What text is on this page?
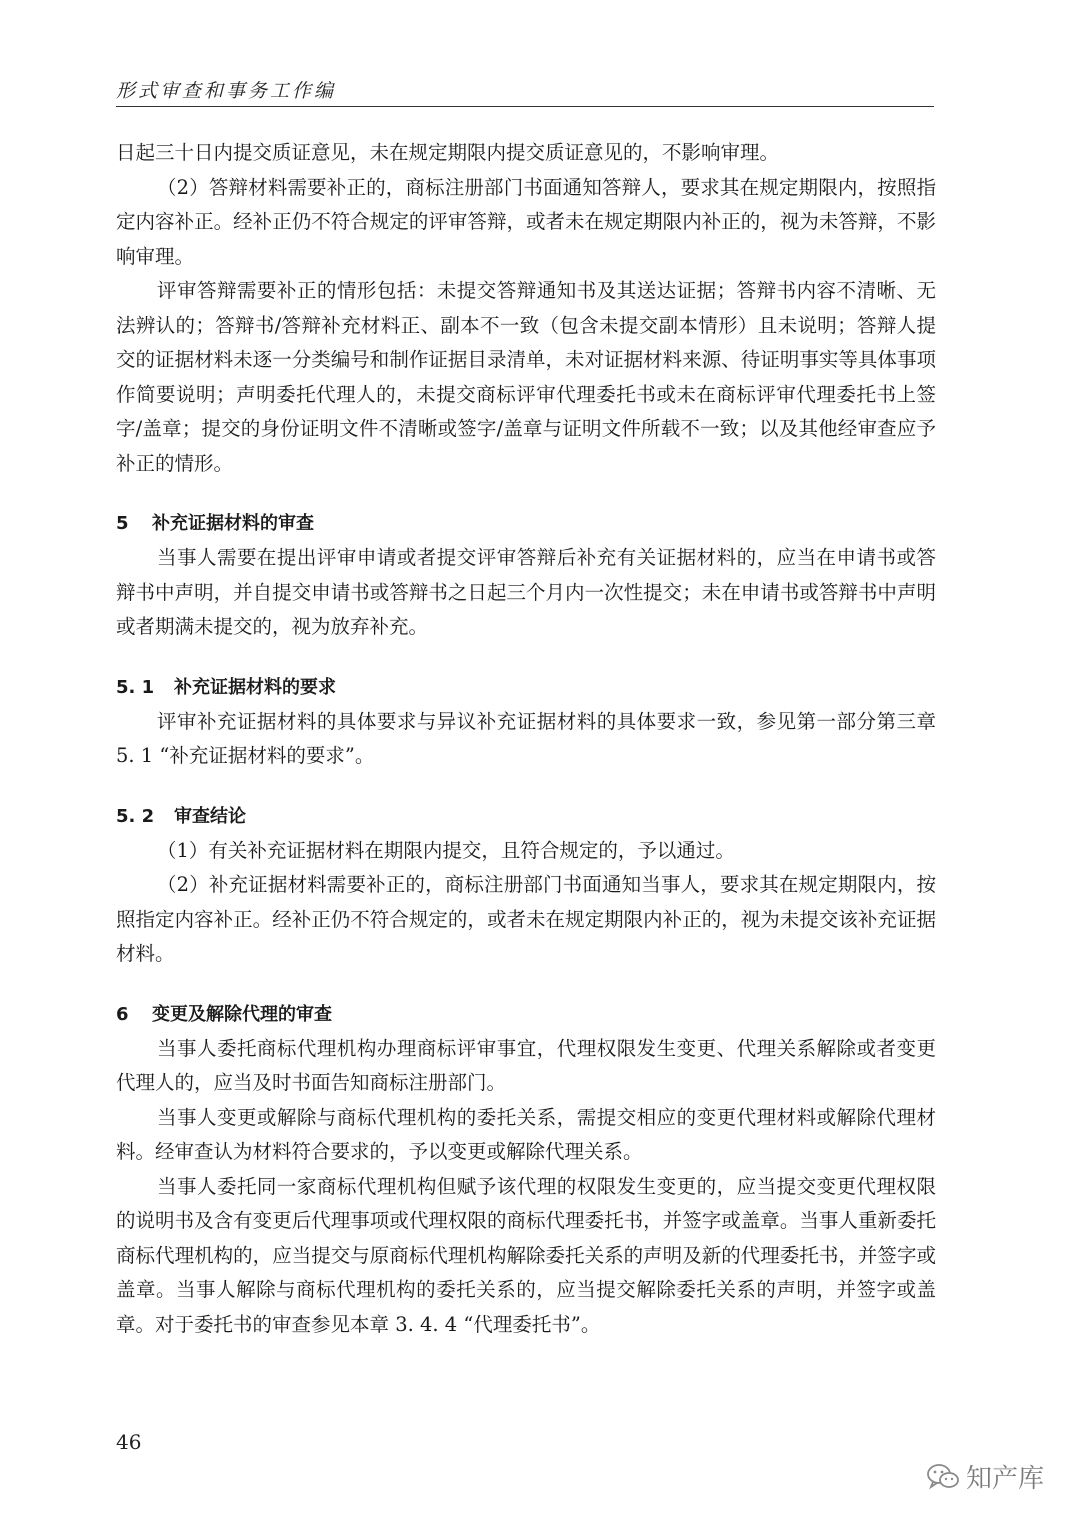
形式审查和事务工作编

日起三十日内提交质证意见，未在规定期限内提交质证意见的，不影响审理。

（2）答辩材料需要补正的，商标注册部门书面通知答辩人，要求其在规定期限内，按照指定内容补正。经补正仍不符合规定的评审答辩，或者未在规定期限内补正的，视为未答辩，不影响审理。

评审答辩需要补正的情形包括：未提交答辩通知书及其送达证据；答辩书内容不清晰、无法辨认的；答辩书/答辩补充材料正、副本不一致（包含未提交副本情形）且未说明；答辩人提交的证据材料未逐一分类编号和制作证据目录清单，未对证据材料来源、待证明事实等具体事项作简要说明；声明委托代理人的，未提交商标评审代理委托书或未在商标评审代理委托书上签字/盖章；提交的身份证明文件不清晰或签字/盖章与证明文件所载不一致；以及其他经审查应予补正的情形。

5 补充证据材料的审查

当事人需要在提出评审申请或者提交评审答辩后补充有关证据材料的，应当在申请书或答辩书中声明，并自提交申请书或答辩书之日起三个月内一次性提交；未在申请书或答辩书中声明或者期满未提交的，视为放弃补充。

5. 1 补充证据材料的要求

评审补充证据材料的具体要求与异议补充证据材料的具体要求一致，参见第一部分第三章 5. 1 “补充证据材料的要求”。

5. 2 审查结论

（1）有关补充证据材料在期限内提交，且符合规定的，予以通过。

（2）补充证据材料需要补正的，商标注册部门书面通知当事人，要求其在规定期限内，按照指定内容补正。经补正仍不符合规定的，或者未在规定期限内补正的，视为未提交该补充证据材料。

6 变更及解除代理的审查

当事人委托商标代理机构办理商标评审事宜，代理权限发生变更、代理关系解除或者变更代理人的，应当及时书面告知商标注册部门。

当事人变更或解除与商标代理机构的委托关系，需提交相应的变更代理材料或解除代理材料。经审查认为材料符合要求的，予以变更或解除代理关系。

当事人委托同一家商标代理机构但赋予该代理的权限发生变更的，应当提交变更代理权限的说明书及含有变更后代理事项或代理权限的商标代理委托书，并签字或盖章。当事人重新委托商标代理机构的，应当提交与原商标代理机构解除委托关系的声明及新的代理委托书，并签字或盖章。当事人解除与商标代理机构的委托关系的，应当提交解除委托关系的声明，并签字或盖章。对于委托书的审查参见本章 3. 4. 4 “代理委托书”。

46
知产库
